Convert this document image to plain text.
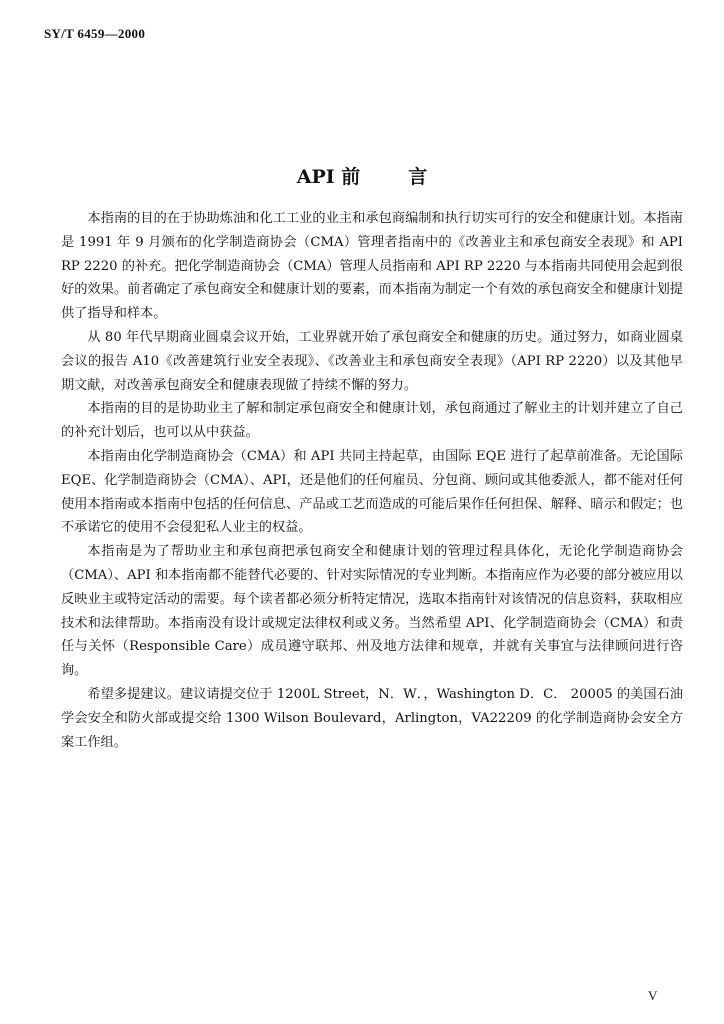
SY/T 6459—2000
API 前	言

本指南的目的在于协助炼油和化工工业的业主和承包商编制和执行切实可行的安全和健康计划。本指南是 1991 年 9 月颁布的化学制造商协会（CMA）管理者指南中的《改善业主和承包商安全表现》和 API RP 2220 的补充。把化学制造商协会（CMA）管理人员指南和 API RP 2220 与本指南共同使用会起到很好的效果。前者确定了承包商安全和健康计划的要素，而本指南为制定一个有效的承包商安全和健康计划提供了指导和样本。

从 80 年代早期商业圆桌会议开始，工业界就开始了承包商安全和健康的历史。通过努力，如商业圆桌会议的报告 A10《改善建筑行业安全表现》、《改善业主和承包商安全表现》（API RP 2220）以及其他早期文献，对改善承包商安全和健康表现做了持续不懈的努力。

本指南的目的是协助业主了解和制定承包商安全和健康计划，承包商通过了解业主的计划并建立了自己的补充计划后，也可以从中获益。

本指南由化学制造商协会（CMA）和 API 共同主持起草，由国际 EQE 进行了起草前准备。无论国际 EQE、化学制造商协会（CMA）、API，还是他们的任何雇员、分包商、顾问或其他委派人，都不能对任何使用本指南或本指南中包括的任何信息、产品或工艺而造成的可能后果作任何担保、解释、暗示和假定；也不承诺它的使用不会侵犯私人业主的权益。

本指南是为了帮助业主和承包商把承包商安全和健康计划的管理过程具体化，无论化学制造商协会（CMA）、API 和本指南都不能替代必要的、针对实际情况的专业判断。本指南应作为必要的部分被应用以反映业主或特定活动的需要。每个读者都必须分析特定情况，选取本指南针对该情况的信息资料，获取相应技术和法律帮助。本指南没有设计或规定法律权利或义务。当然希望 API、化学制造商协会（CMA）和责任与关怀（Responsible Care）成员遵守联邦、州及地方法律和规章，并就有关事宜与法律顾问进行咨询。

希望多提建议。建议请提交位于 1200L Street，N．W．，Washington D．C． 20005 的美国石油学会安全和防火部或提交给 1300 Wilson Boulevard，Arlington，VA22209 的化学制造商协会安全方案工作组。

V
